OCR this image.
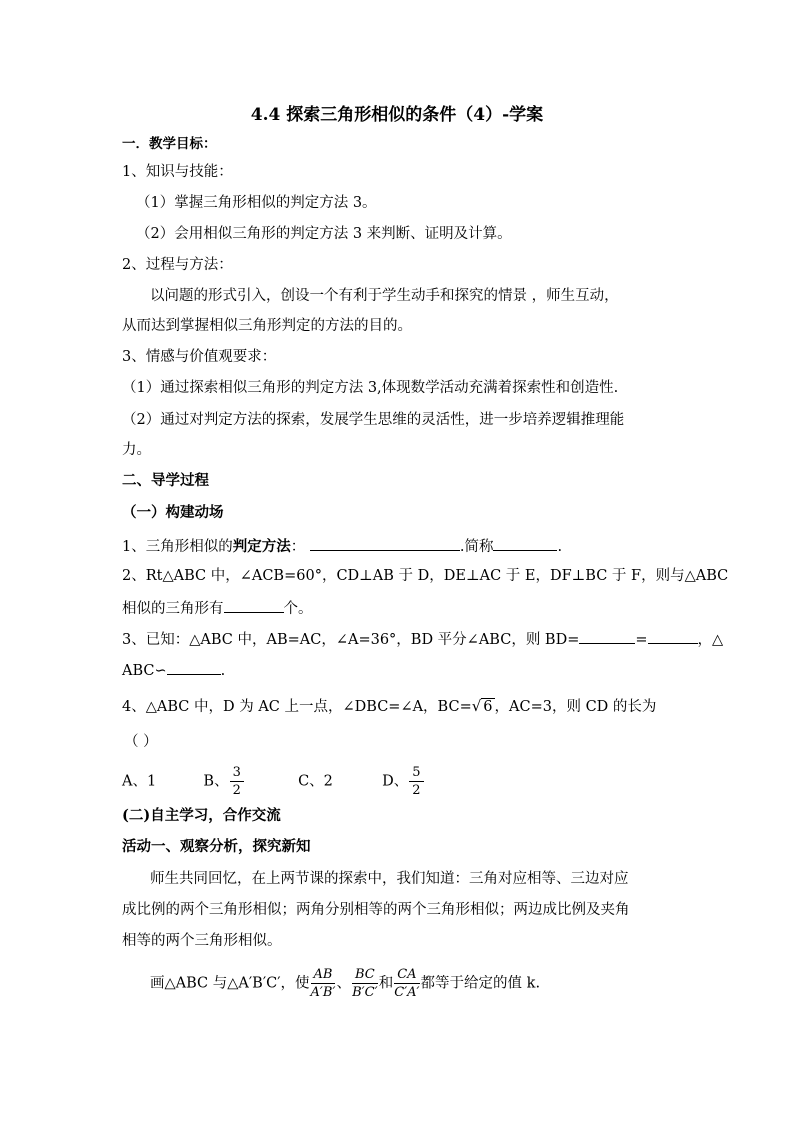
4.4 探索三角形相似的条件（4）-学案
一．教学目标：
1、知识与技能：
（1）掌握三角形相似的判定方法 3。
（2）会用相似三角形的判定方法 3 来判断、证明及计算。
2、过程与方法：
以问题的形式引入，创设一个有利于学生动手和探究的情景 ，师生互动，
从而达到掌握相似三角形判定的方法的目的。
3、情感与价值观要求：
（1）通过探索相似三角形的判定方法 3,体现数学活动充满着探索性和创造性.
（2）通过对判定方法的探索，发展学生思维的灵活性，进一步培养逻辑推理能
力。
二、导学过程
（一）构建动场
1、三角形相似的判定方法：	.简称	.
2、Rt△ABC 中，∠ACB=60°，CD⊥AB 于 D，DE⊥AC 于 E，DF⊥BC 于 F，则与△ABC
相似的三角形有	个。
3、已知：△ABC 中，AB=AC，∠A=36°，BD 平分∠ABC，则 BD=	=	，△
ABC∽	.
4、△ABC 中，D 为 AC 上一点，∠DBC=∠A，BC=√ 6 ，AC=3，则 CD 的长为
（ ）
A、1	B、 $\frac{3}{2}$	C、2	D、 $\frac{5}{2}$
(二)自主学习，合作交流
活动一、观察分析，探究新知
师生共同回忆，在上两节课的探索中，我们知道：三角对应相等、三边对应
成比例的两个三角形相似；两角分别相等的两个三角形相似；两边成比例及夹角
相等的两个三角形相似。
画△ABC 与△A′B′C′，使 $\frac{AB}{A'B'}$ 、 $\frac{BC}{B'C'}$ 和 $\frac{CA}{C'A'}$ 都等于给定的值 k.
